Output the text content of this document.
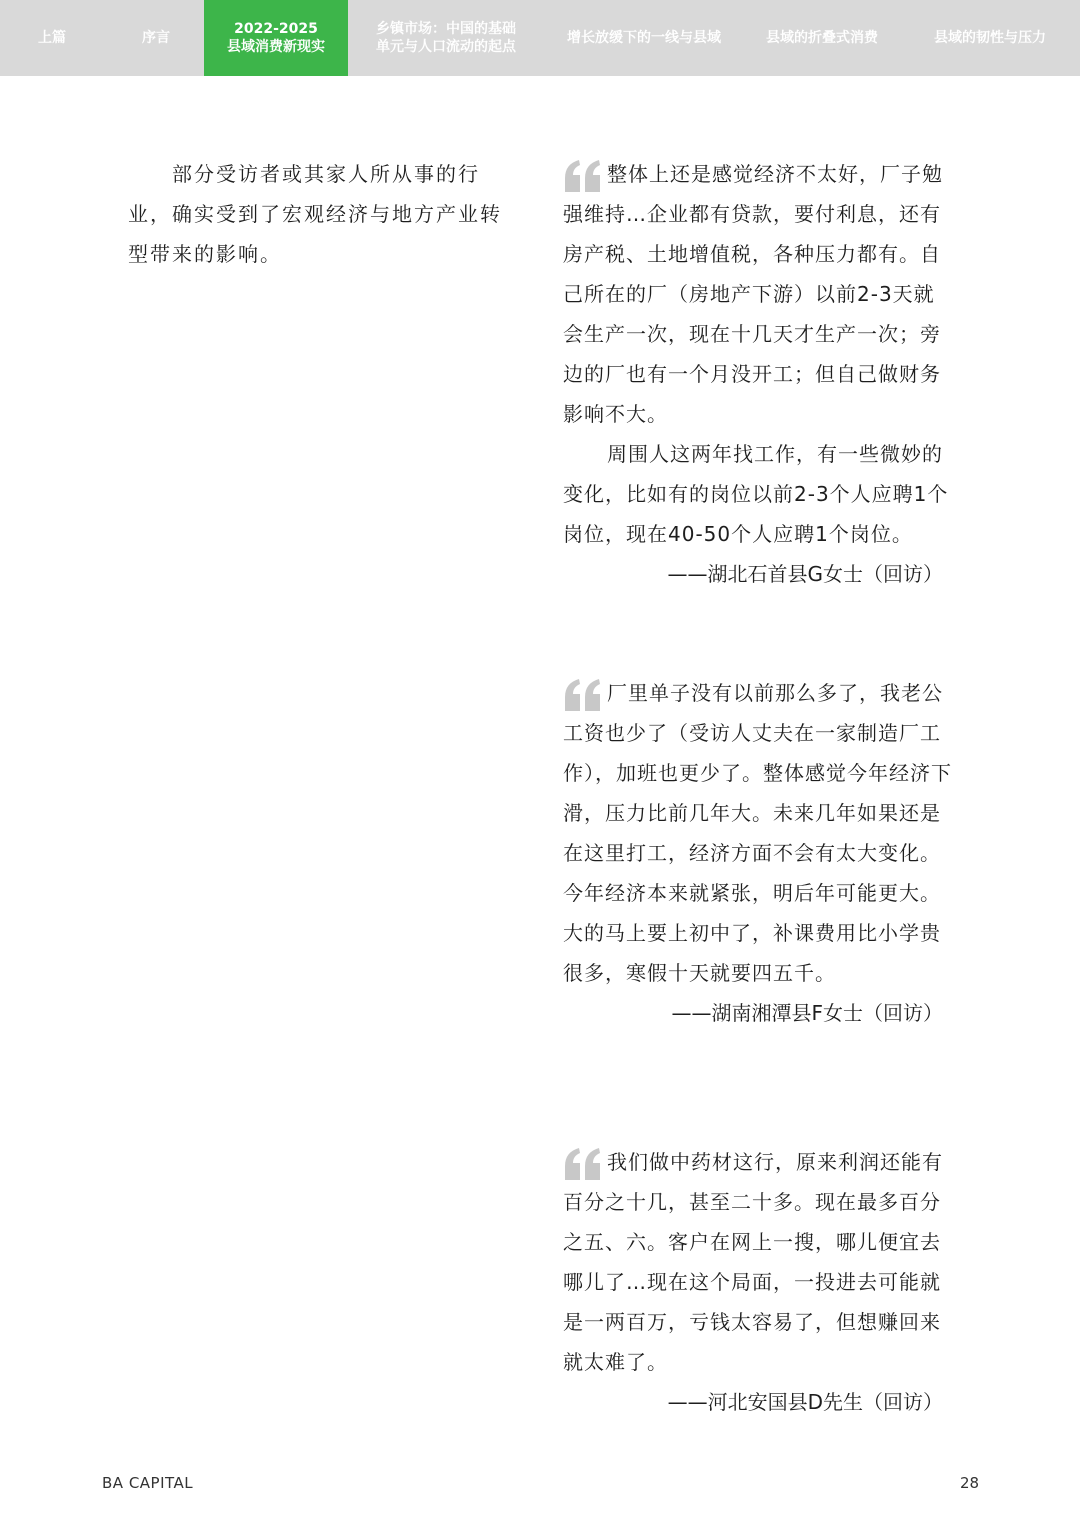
上篇	序言
2022-2025
县域消费新现实
乡镇市场：中国的基础
单元与人口流动的起点
增长放缓下的一线与县域	县域的折叠式消费	县域的韧性与压力

部分受访者或其家人所从事的行业，确实受到了宏观经济与地方产业转型带来的影响。

整体上还是感觉经济不太好，厂子勉强维持…企业都有贷款，要付利息，还有房产税、土地增值税，各种压力都有。自己所在的厂（房地产下游）以前2-3天就会生产一次，现在十几天才生产一次；旁边的厂也有一个月没开工；但自己做财务影响不大。

周围人这两年找工作，有一些微妙的变化，比如有的岗位以前2-3个人应聘1个岗位，现在40-50个人应聘1个岗位。

——湖北石首县G女士（回访）

厂里单子没有以前那么多了，我老公工资也少了（受访人丈夫在一家制造厂工作），加班也更少了。整体感觉今年经济下滑，压力比前几年大。未来几年如果还是在这里打工，经济方面不会有太大变化。今年经济本来就紧张，明后年可能更大。大的马上要上初中了，补课费用比小学贵很多，寒假十天就要四五千。

——湖南湘潭县F女士（回访）

我们做中药材这行，原来利润还能有百分之十几，甚至二十多。现在最多百分之五、六。客户在网上一搜，哪儿便宜去哪儿了…现在这个局面，一投进去可能就是一两百万，亏钱太容易了，但想赚回来就太难了。

——河北安国县D先生（回访）

BA CAPITAL	28
